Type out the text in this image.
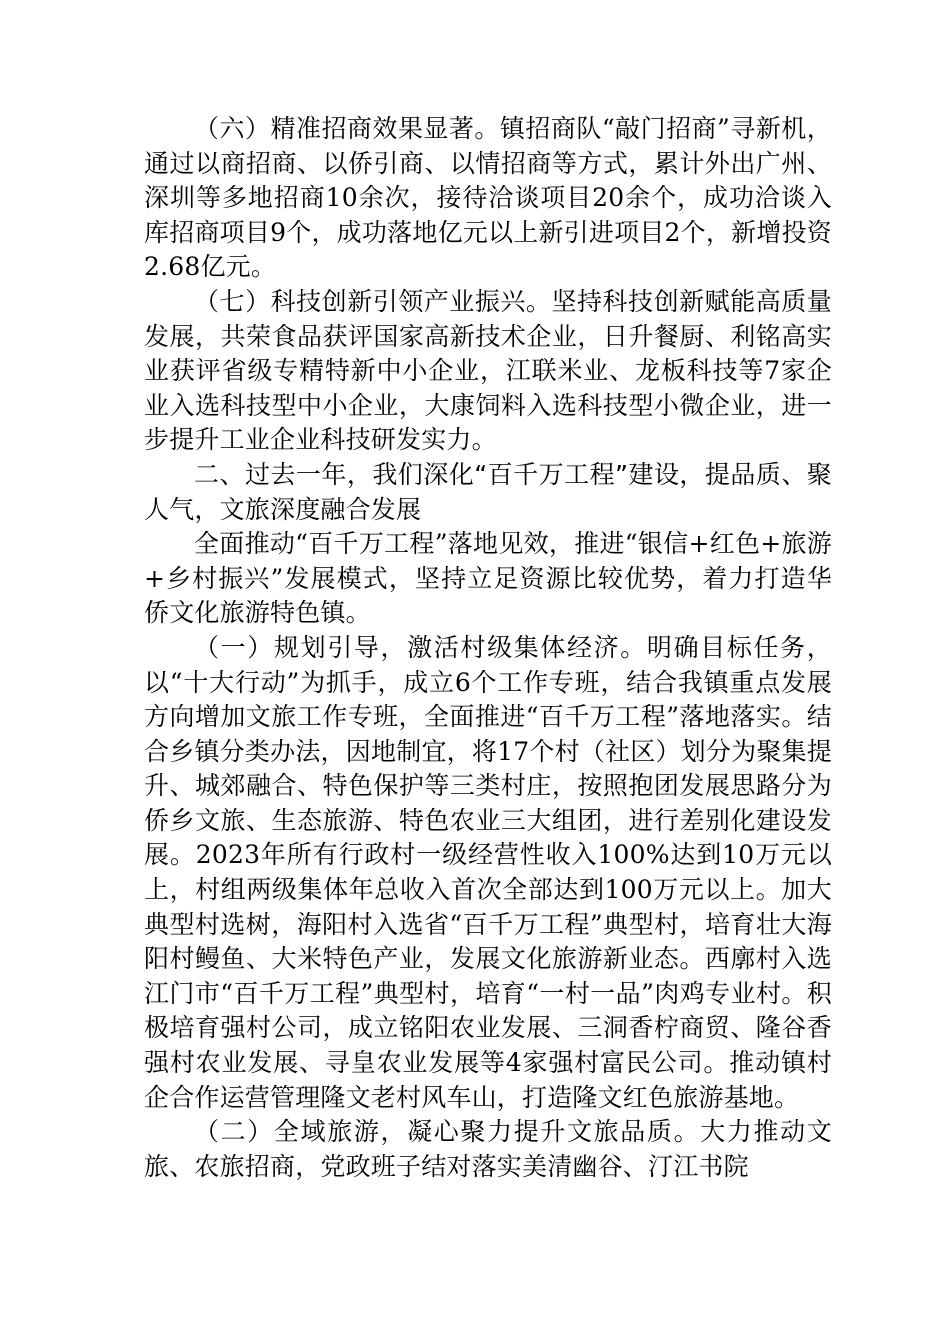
（六）精准招商效果显著。镇招商队“敲门招商”寻新机，通过以商招商、以侨引商、以情招商等方式，累计外出广州、深圳等多地招商10余次，接待洽谈项目20余个，成功洽谈入库招商项目9个，成功落地亿元以上新引进项目2个，新增投资2.68亿元。

（七）科技创新引领产业振兴。坚持科技创新赋能高质量发展，共荣食品获评国家高新技术企业，日升餐厨、利铭高实业获评省级专精特新中小企业，江联米业、龙板科技等7家企业入选科技型中小企业，大康饲料入选科技型小微企业，进一步提升工业企业科技研发实力。

二、过去一年，我们深化“百千万工程”建设，提品质、聚人气，文旅深度融合发展

全面推动“百千万工程”落地见效，推进“银信+红色+旅游+乡村振兴”发展模式，坚持立足资源比较优势，着力打造华侨文化旅游特色镇。

（一）规划引导，激活村级集体经济。明确目标任务，以“十大行动”为抓手，成立6个工作专班，结合我镇重点发展方向增加文旅工作专班，全面推进“百千万工程”落地落实。结合乡镇分类办法，因地制宜，将17个村（社区）划分为聚集提升、城郊融合、特色保护等三类村庄，按照抱团发展思路分为侨乡文旅、生态旅游、特色农业三大组团，进行差别化建设发展。2023年所有行政村一级经营性收入100%达到10万元以上，村组两级集体年总收入首次全部达到100万元以上。加大典型村选树，海阳村入选省“百千万工程”典型村，培育壮大海阳村鳗鱼、大米特色产业，发展文化旅游新业态。西廓村入选江门市“百千万工程”典型村，培育“一村一品”肉鸡专业村。积极培育强村公司，成立铭阳农业发展、三洞香柠商贸、隆谷香强村农业发展、寻皇农业发展等4家强村富民公司。推动镇村企合作运营管理隆文老村风车山，打造隆文红色旅游基地。

（二）全域旅游，凝心聚力提升文旅品质。大力推动文旅、农旅招商，党政班子结对落实美清幽谷、汀江书院
